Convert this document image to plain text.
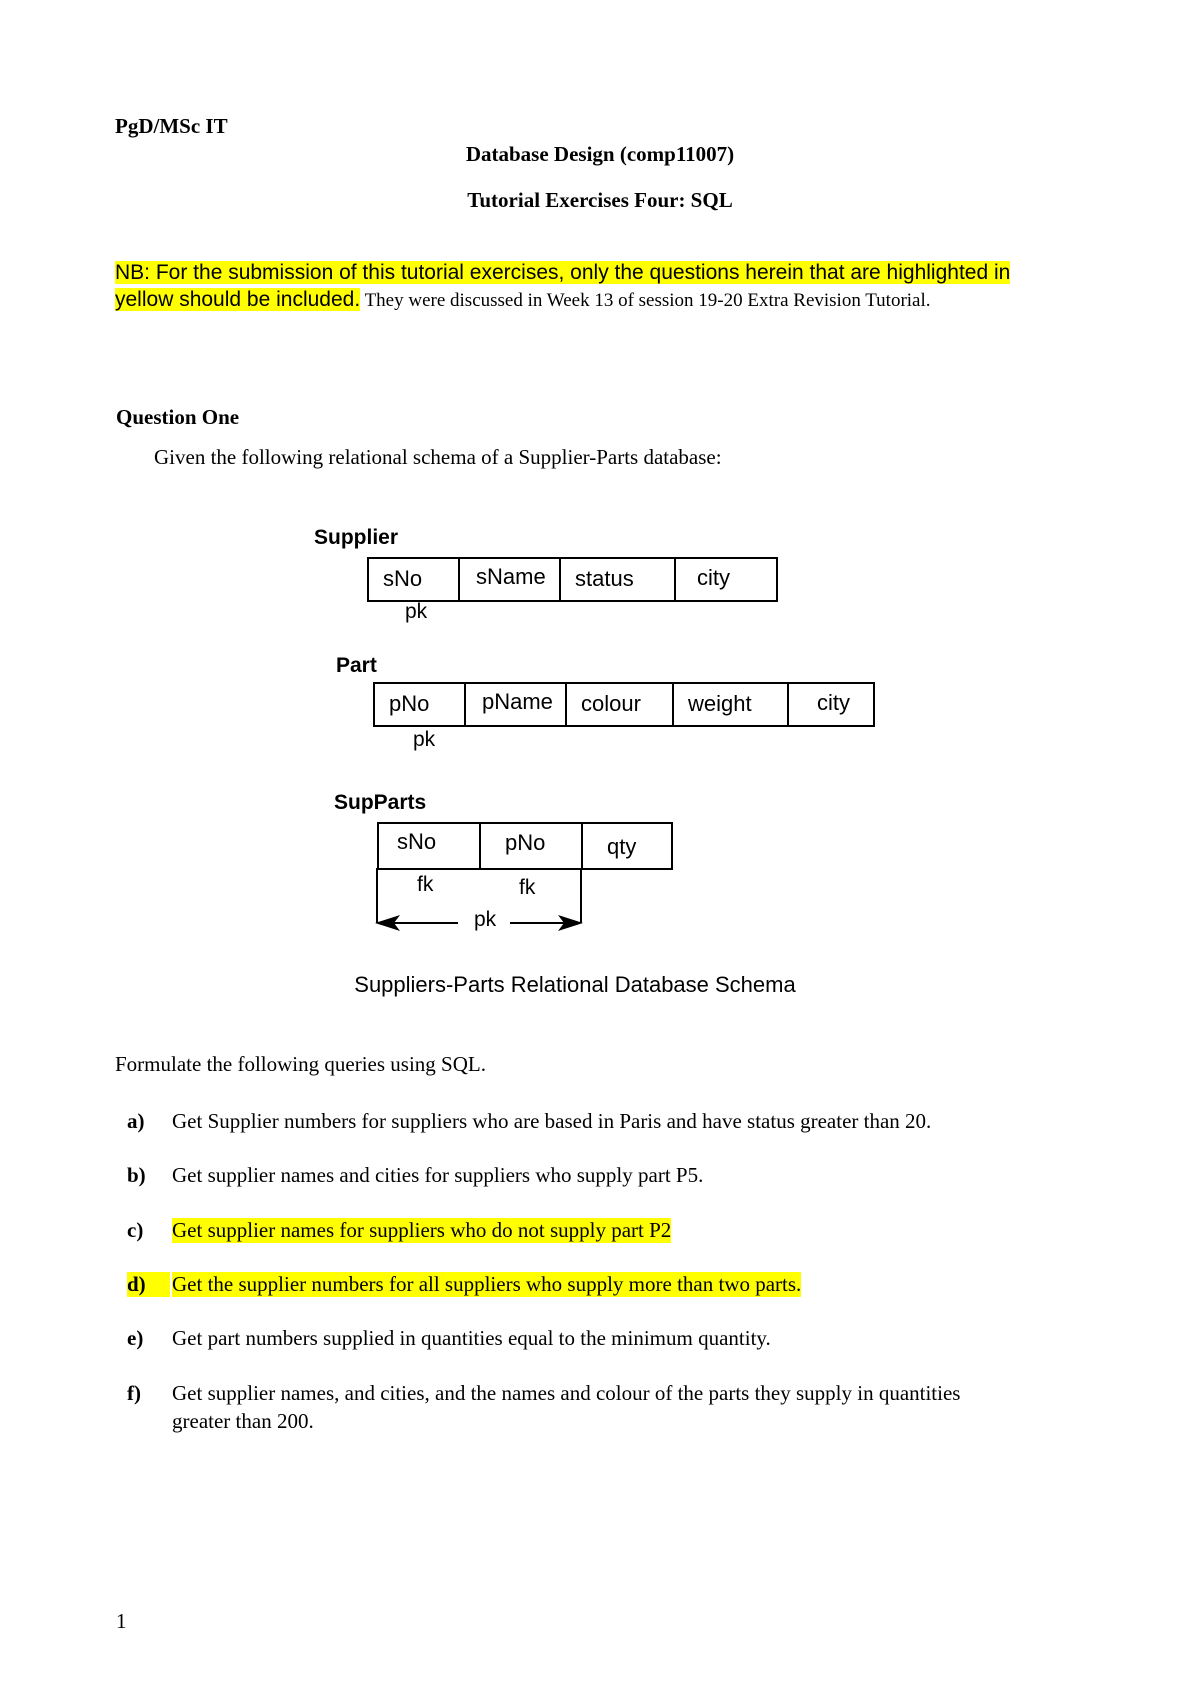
PgD/MSc IT
Database Design (comp11007)
Tutorial Exercises Four: SQL
NB: For the submission of this tutorial exercises, only the questions herein that are highlighted in
yellow should be included. They were discussed in Week 13 of session 19-20 Extra Revision Tutorial.
Question One
Given the following relational schema of a Supplier-Parts database:
Supplier
sNo	sName	status	city
pk
Part
pNo	pName	colour	weight	city
pk
SupParts
sNo	pNo	qty
fk	fk
pk
Suppliers-Parts Relational Database Schema
Formulate the following queries using SQL.
a) Get Supplier numbers for suppliers who are based in Paris and have status greater than 20.
b) Get supplier names and cities for suppliers who supply part P5.
c) Get supplier names for suppliers who do not supply part P2
d)	Get the supplier numbers for all suppliers who supply more than two parts.
e) Get part numbers supplied in quantities equal to the minimum quantity.
f) Get supplier names, and cities, and the names and colour of the parts they supply in quantities
greater than 200.
1
